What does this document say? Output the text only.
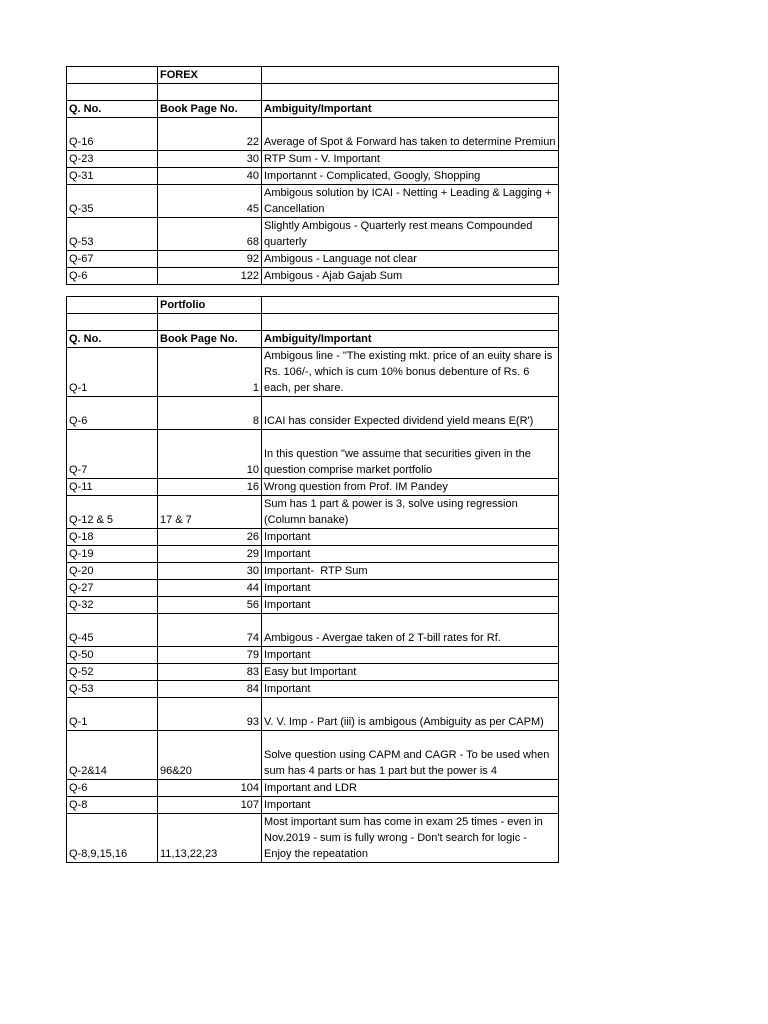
	FOREX	

Q. No.	Book Page No.	Ambiguity/Important
Q-16	22	Average of Spot & Forward has taken to determine Premiun
Q-23	30	RTP Sum - V. Important
Q-31	40	Importannt - Complicated, Googly, Shopping
Q-35	45	Ambigous solution by ICAI - Netting + Leading & Lagging + Cancellation
Q-53	68	Slightly Ambigous - Quarterly rest means Compounded quarterly
Q-67	92	Ambigous - Language not clear
Q-6	122	Ambigous - Ajab Gajab Sum
	Portfolio	

Q. No.	Book Page No.	Ambiguity/Important
Q-1	1	Ambigous line - "The existing mkt. price of an euity share is Rs. 106/-, which is cum 10% bonus debenture of Rs. 6 each, per share.
Q-6	8	ICAI has consider Expected dividend yield means E(R')
Q-7	10	In this question "we assume that securities given in the question comprise market portfolio
Q-11	16	Wrong question from Prof. IM Pandey
Q-12 & 5	17 & 7	Sum has 1 part & power is 3, solve using regression (Column banake)
Q-18	26	Important
Q-19	29	Important
Q-20	30	Important-  RTP Sum
Q-27	44	Important
Q-32	56	Important
Q-45	74	Ambigous - Avergae taken of 2 T-bill rates for Rf.
Q-50	79	Important
Q-52	83	Easy but Important
Q-53	84	Important
Q-1	93	V. V. Imp - Part (iii) is ambigous (Ambiguity as per CAPM)
Q-2&14	96&20	Solve question using CAPM and CAGR - To be used when sum has 4 parts or has 1 part but the power is 4
Q-6	104	Important and LDR
Q-8	107	Important
Q-8,9,15,16	11,13,22,23	Most important sum has come in exam 25 times - even in Nov.2019 - sum is fully wrong - Don't search for logic - Enjoy the repeatation
